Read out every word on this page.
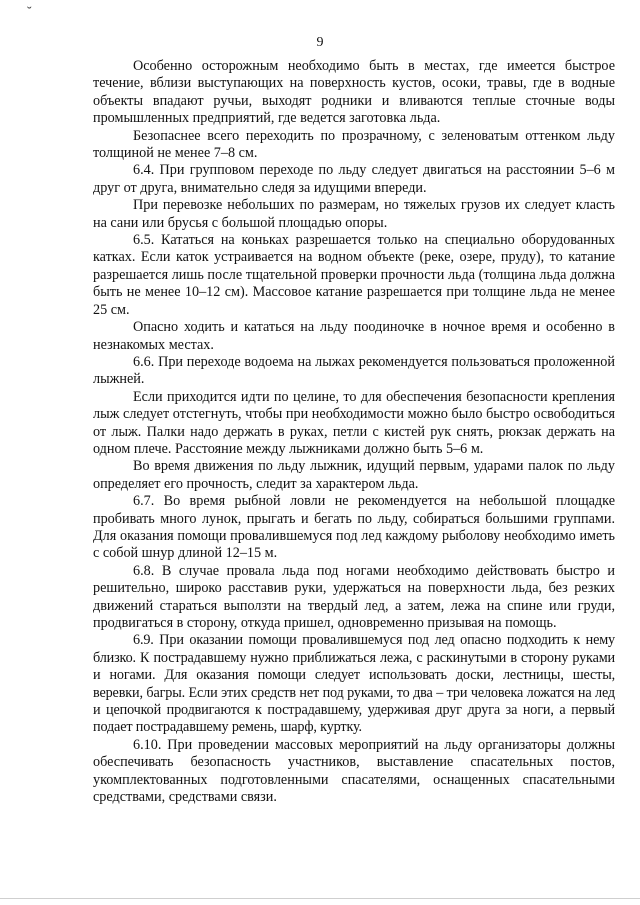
˘
9

Особенно осторожным необходимо быть в местах, где имеется быстрое течение, вблизи выступающих на поверхность кустов, осоки, травы, где в водные объекты впадают ручьи, выходят родники и вливаются теплые сточные воды промышленных предприятий, где ведется заготовка льда.

Безопаснее всего переходить по прозрачному, с зеленоватым оттенком льду толщиной не менее 7–8 см.

6.4. При групповом переходе по льду следует двигаться на расстоянии 5–6 м друг от друга, внимательно следя за идущими впереди.

При перевозке небольших по размерам, но тяжелых грузов их следует класть на сани или брусья с большой площадью опоры.

6.5. Кататься на коньках разрешается только на специально оборудованных катках. Если каток устраивается на водном объекте (реке, озере, пруду), то катание разрешается лишь после тщательной проверки прочности льда (толщина льда должна быть не менее 10–12 см). Массовое катание разрешается при толщине льда не менее 25 см.

Опасно ходить и кататься на льду поодиночке в ночное время и особенно в незнакомых местах.

6.6. При переходе водоема на лыжах рекомендуется пользоваться проложенной лыжней.

Если приходится идти по целине, то для обеспечения безопасности крепления лыж следует отстегнуть, чтобы при необходимости можно было быстро освободиться от лыж. Палки надо держать в руках, петли с кистей рук снять, рюкзак держать на одном плече. Расстояние между лыжниками должно быть 5–6 м.

Во время движения по льду лыжник, идущий первым, ударами палок по льду определяет его прочность, следит за характером льда.

6.7. Во время рыбной ловли не рекомендуется на небольшой площадке пробивать много лунок, прыгать и бегать по льду, собираться большими группами. Для оказания помощи провалившемуся под лед каждому рыболову необходимо иметь с собой шнур длиной 12–15 м.

6.8. В случае провала льда под ногами необходимо действовать быстро и решительно, широко расставив руки, удержаться на поверхности льда, без резких движений стараться выползти на твердый лед, а затем, лежа на спине или груди, продвигаться в сторону, откуда пришел, одновременно призывая на помощь.

6.9. При оказании помощи провалившемуся под лед опасно подходить к нему близко. К пострадавшему нужно приближаться лежа, с раскинутыми в сторону руками и ногами. Для оказания помощи следует использовать доски, лестницы, шесты, веревки, багры. Если этих средств нет под руками, то два – три человека ложатся на лед и цепочкой продвигаются к пострадавшему, удерживая друг друга за ноги, а первый подает пострадавшему ремень, шарф, куртку.

6.10. При проведении массовых мероприятий на льду организаторы должны обеспечивать безопасность участников, выставление спасательных постов, укомплектованных подготовленными спасателями, оснащенных спасательными средствами, средствами связи.
